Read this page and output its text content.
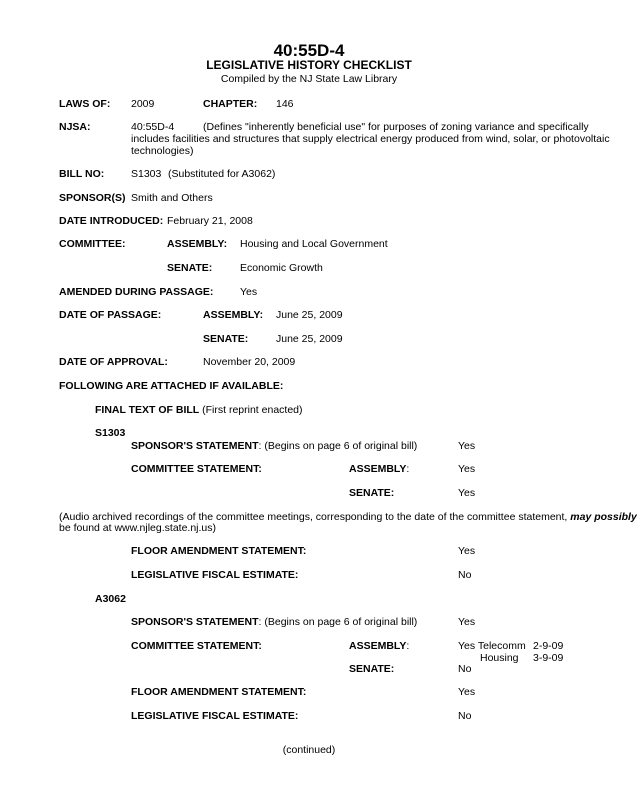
40:55D-4
LEGISLATIVE HISTORY CHECKLIST
Compiled by the NJ State Law Library
LAWS OF: 2009	CHAPTER: 146
NJSA:	40:55D-4	(Defines "inherently beneficial use" for purposes of zoning variance and specifically
includes facilities and structures that supply electrical energy produced from wind, solar, or photovoltaic
technologies)
BILL NO:	S1303 (Substituted for A3062)
SPONSOR(S) Smith and Others
DATE INTRODUCED: February 21, 2008
COMMITTEE:	ASSEMBLY: Housing and Local Government
SENATE:	Economic Growth
AMENDED DURING PASSAGE:	Yes
DATE OF PASSAGE:	ASSEMBLY: June 25, 2009
SENATE:	June 25, 2009
DATE OF APPROVAL:	November 20, 2009
FOLLOWING ARE ATTACHED IF AVAILABLE:
FINAL TEXT OF BILL (First reprint enacted)
S1303
SPONSOR'S STATEMENT: (Begins on page 6 of original bill)	Yes
COMMITTEE STATEMENT:	ASSEMBLY:	Yes
SENATE:	Yes
(Audio archived recordings of the committee meetings, corresponding to the date of the committee statement, may possibly
be found at www.njleg.state.nj.us)
FLOOR AMENDMENT STATEMENT:	Yes
LEGISLATIVE FISCAL ESTIMATE:	No
A3062
SPONSOR'S STATEMENT: (Begins on page 6 of original bill)	Yes
COMMITTEE STATEMENT:	ASSEMBLY:	Yes Telecomm 2-9-09
Housing 3-9-09
SENATE:	No
FLOOR AMENDMENT STATEMENT:	Yes
LEGISLATIVE FISCAL ESTIMATE:	No
(continued)
